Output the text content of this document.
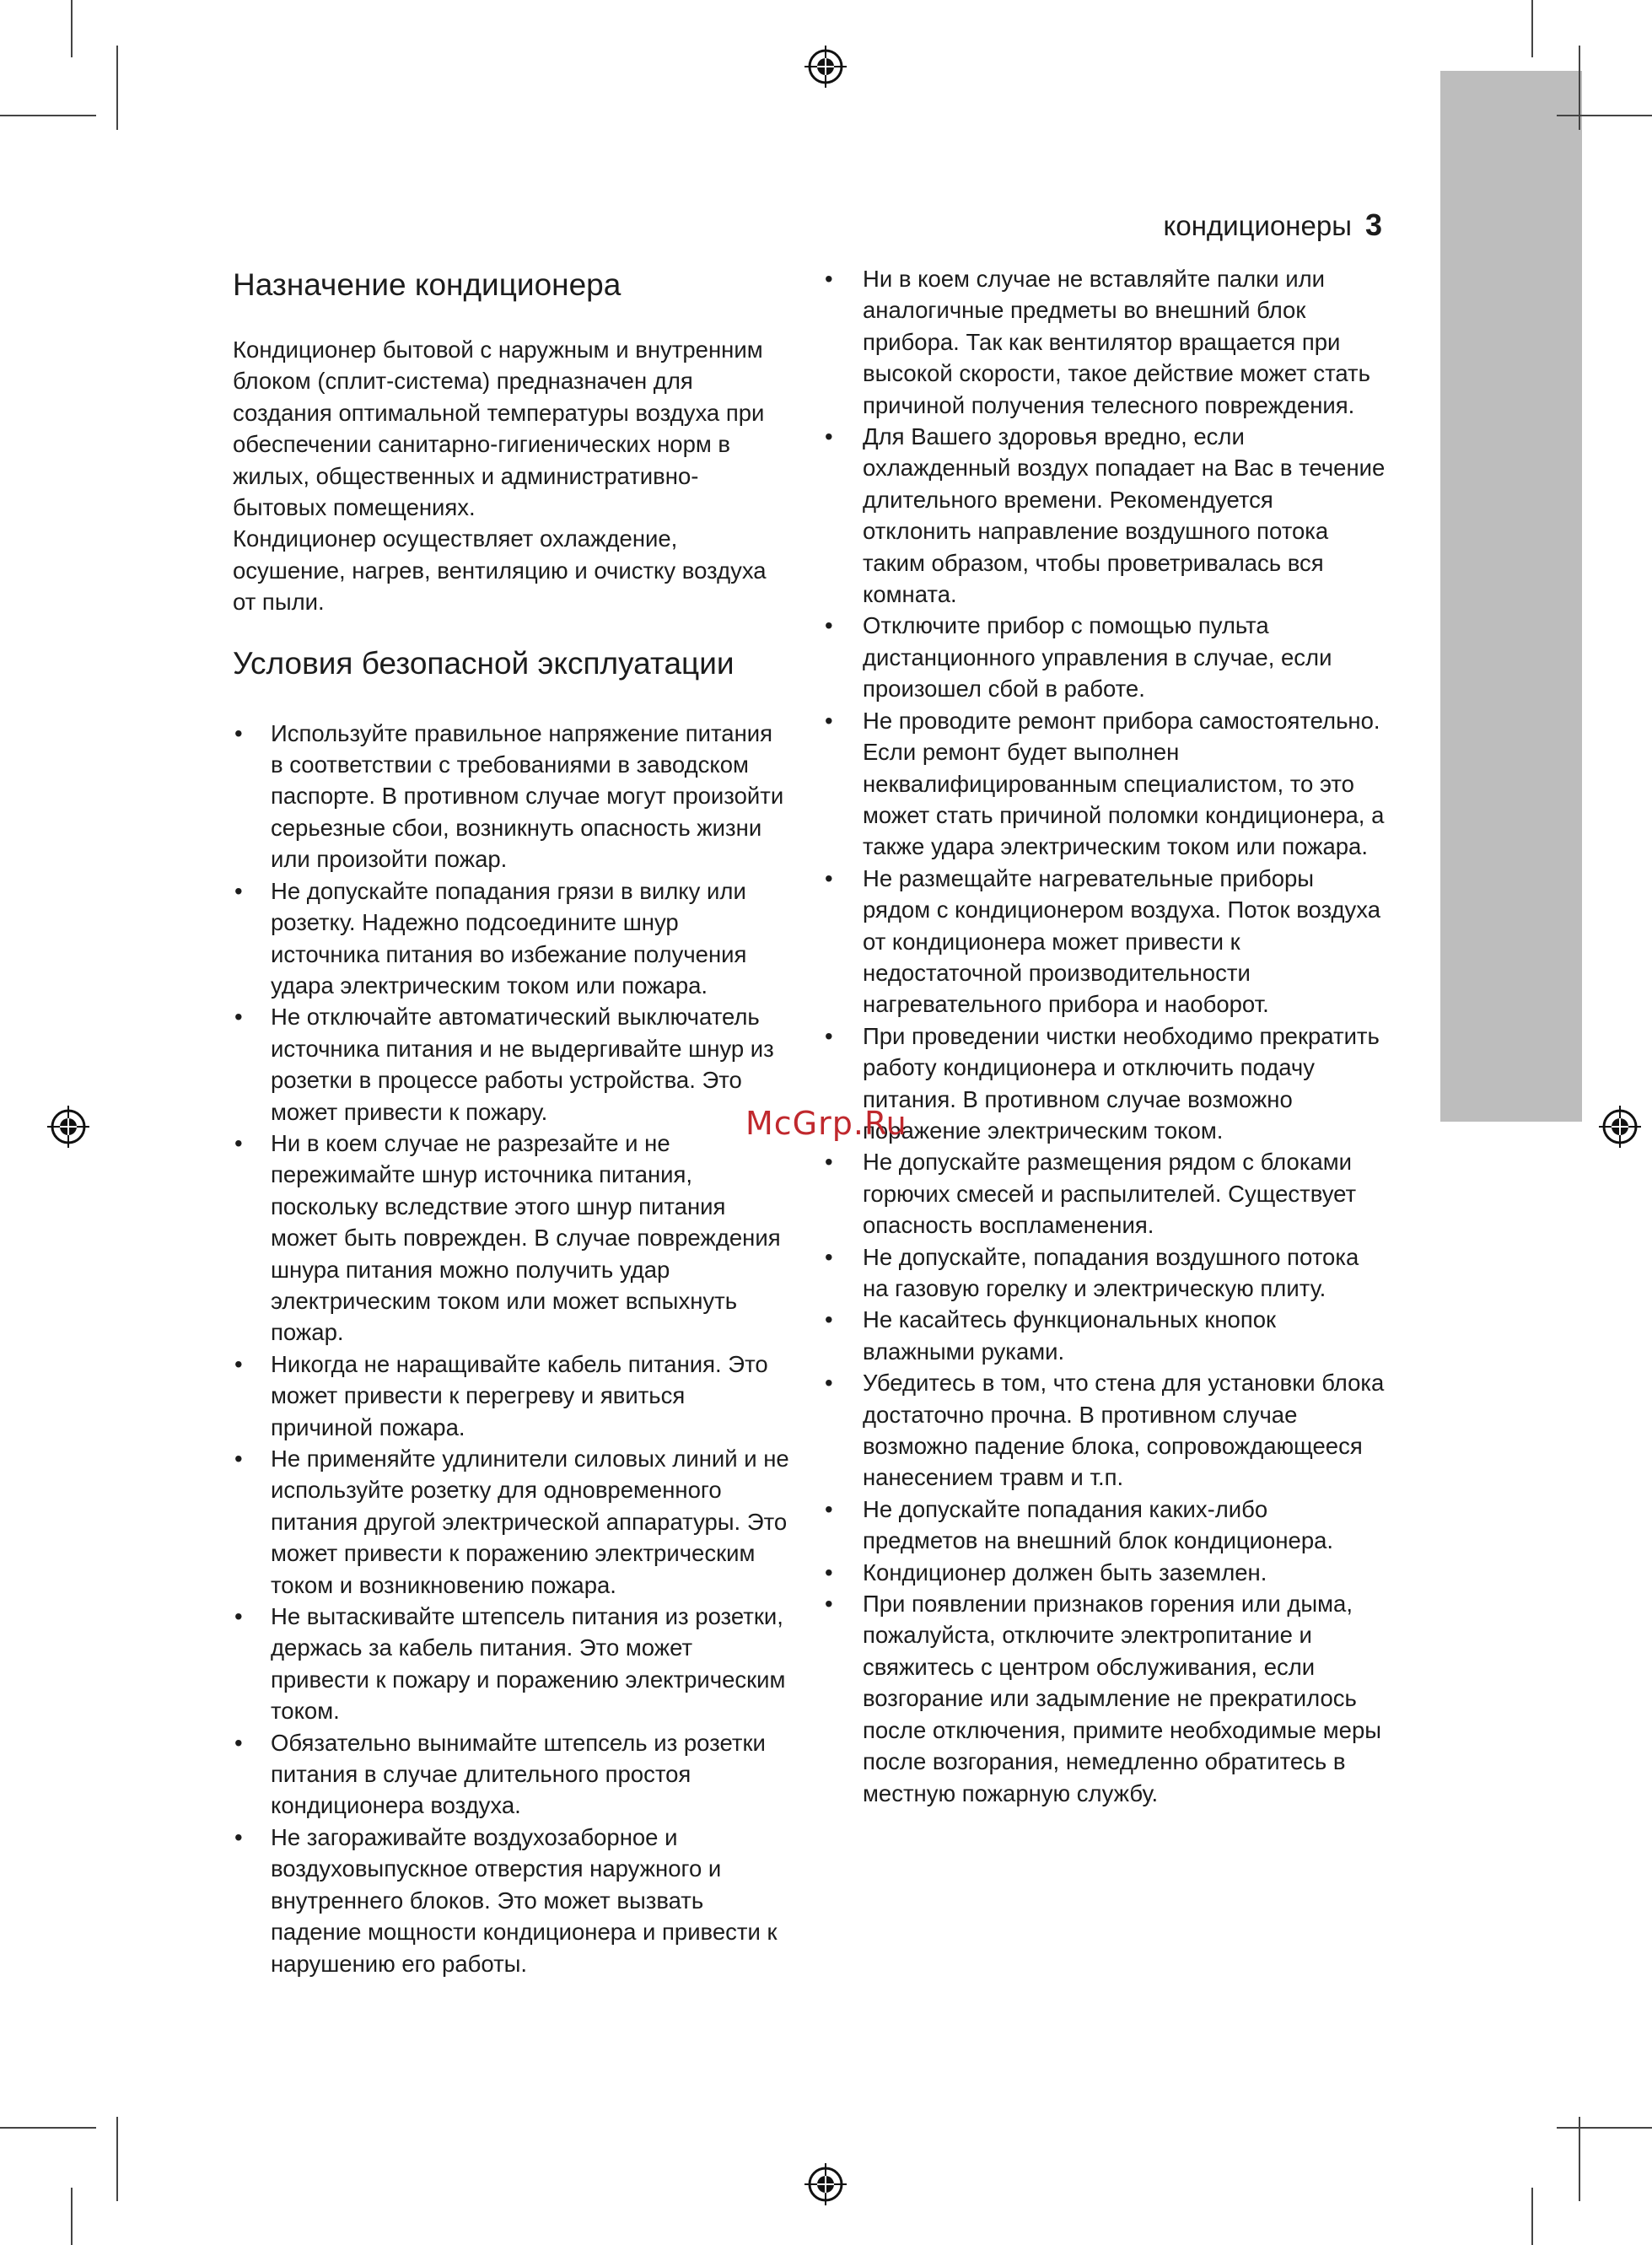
кондиционеры 3
Назначение кондиционера

Кондиционер бытовой с наружным и внутренним блоком (сплит-система) предназначен для создания оптимальной температуры воздуха при обеспечении санитарно-гигиенических норм в жилых, общественных и административно-бытовых помещениях.

Кондиционер осуществляет охлаждение, осушение, нагрев, вентиляцию и очистку воздуха от пыли.

Условия безопасной эксплуатации
• Используйте правильное напряжение питания в соответствии с требованиями в заводском паспорте. В противном случае могут произойти серьезные сбои, возникнуть опасность жизни или произойти пожар.
• Не допускайте попадания грязи в вилку или розетку. Надежно подсоедините шнур источника питания во избежание получения удара электрическим током или пожара.
• Не отключайте автоматический выключатель источника питания и не выдергивайте шнур из розетки в процессе работы устройства. Это может привести к пожару.
• Ни в коем случае не разрезайте и не пережимайте шнур источника питания, поскольку вследствие этого шнур питания может быть поврежден. В случае повреждения шнура питания можно получить удар электрическим током или может вспыхнуть пожар.
• Никогда не наращивайте кабель питания. Это может привести к перегреву и явиться причиной пожара.
• Не применяйте удлинители силовых линий и не используйте розетку для одновременного питания другой электрической аппаратуры. Это может привести к поражению электрическим током и возникновению пожара.
• Не вытаскивайте штепсель питания из розетки, держась за кабель питания. Это может привести к пожару и поражению электрическим током.
• Обязательно вынимайте штепсель из розетки питания в случае длительного простоя кондиционера воздуха.
• Не загораживайте воздухозаборное и воздуховыпускное отверстия наружного и внутреннего блоков. Это может вызвать падение мощности кондиционера и привести к нарушению его работы.
• Ни в коем случае не вставляйте палки или аналогичные предметы во внешний блок прибора. Так как вентилятор вращается при высокой скорости, такое действие может стать причиной получения телесного повреждения.
• Для Вашего здоровья вредно, если охлажденный воздух попадает на Вас в течение длительного времени. Рекомендуется отклонить направление воздушного потока таким образом, чтобы проветривалась вся комната.
• Отключите прибор с помощью пульта дистанционного управления в случае, если произошел сбой в работе.
• Не проводите ремонт прибора самостоятельно. Если ремонт будет выполнен неквалифицированным специалистом, то это может стать причиной поломки кондиционера, а также удара электрическим током или пожара.
• Не размещайте нагревательные приборы рядом с кондиционером воздуха. Поток воздуха от кондиционера может привести к недостаточной производительности нагревательного прибора и наоборот.
• При проведении чистки необходимо прекратить работу кондиционера и отключить подачу питания. В противном случае возможно поражение электрическим током.
• Не допускайте размещения рядом с блоками горючих смесей и распылителей. Существует опасность воспламенения.
• Не допускайте, попадания воздушного потока на газовую горелку и электрическую плиту.
• Не касайтесь функциональных кнопок влажными руками.
• Убедитесь в том, что стена для установки блока достаточно прочна. В противном случае возможно падение блока, сопровождающееся нанесением травм и т.п.
• Не допускайте попадания каких-либо предметов на внешний блок кондиционера.
• Кондиционер должен быть заземлен.
• При появлении признаков горения или дыма, пожалуйста, отключите электропитание и свяжитесь с центром обслуживания, если возгорание или задымление не прекратилось после отключения, примите необходимые меры после возгорания, немедленно обратитесь в местную пожарную службу.
McGrp.Ru
